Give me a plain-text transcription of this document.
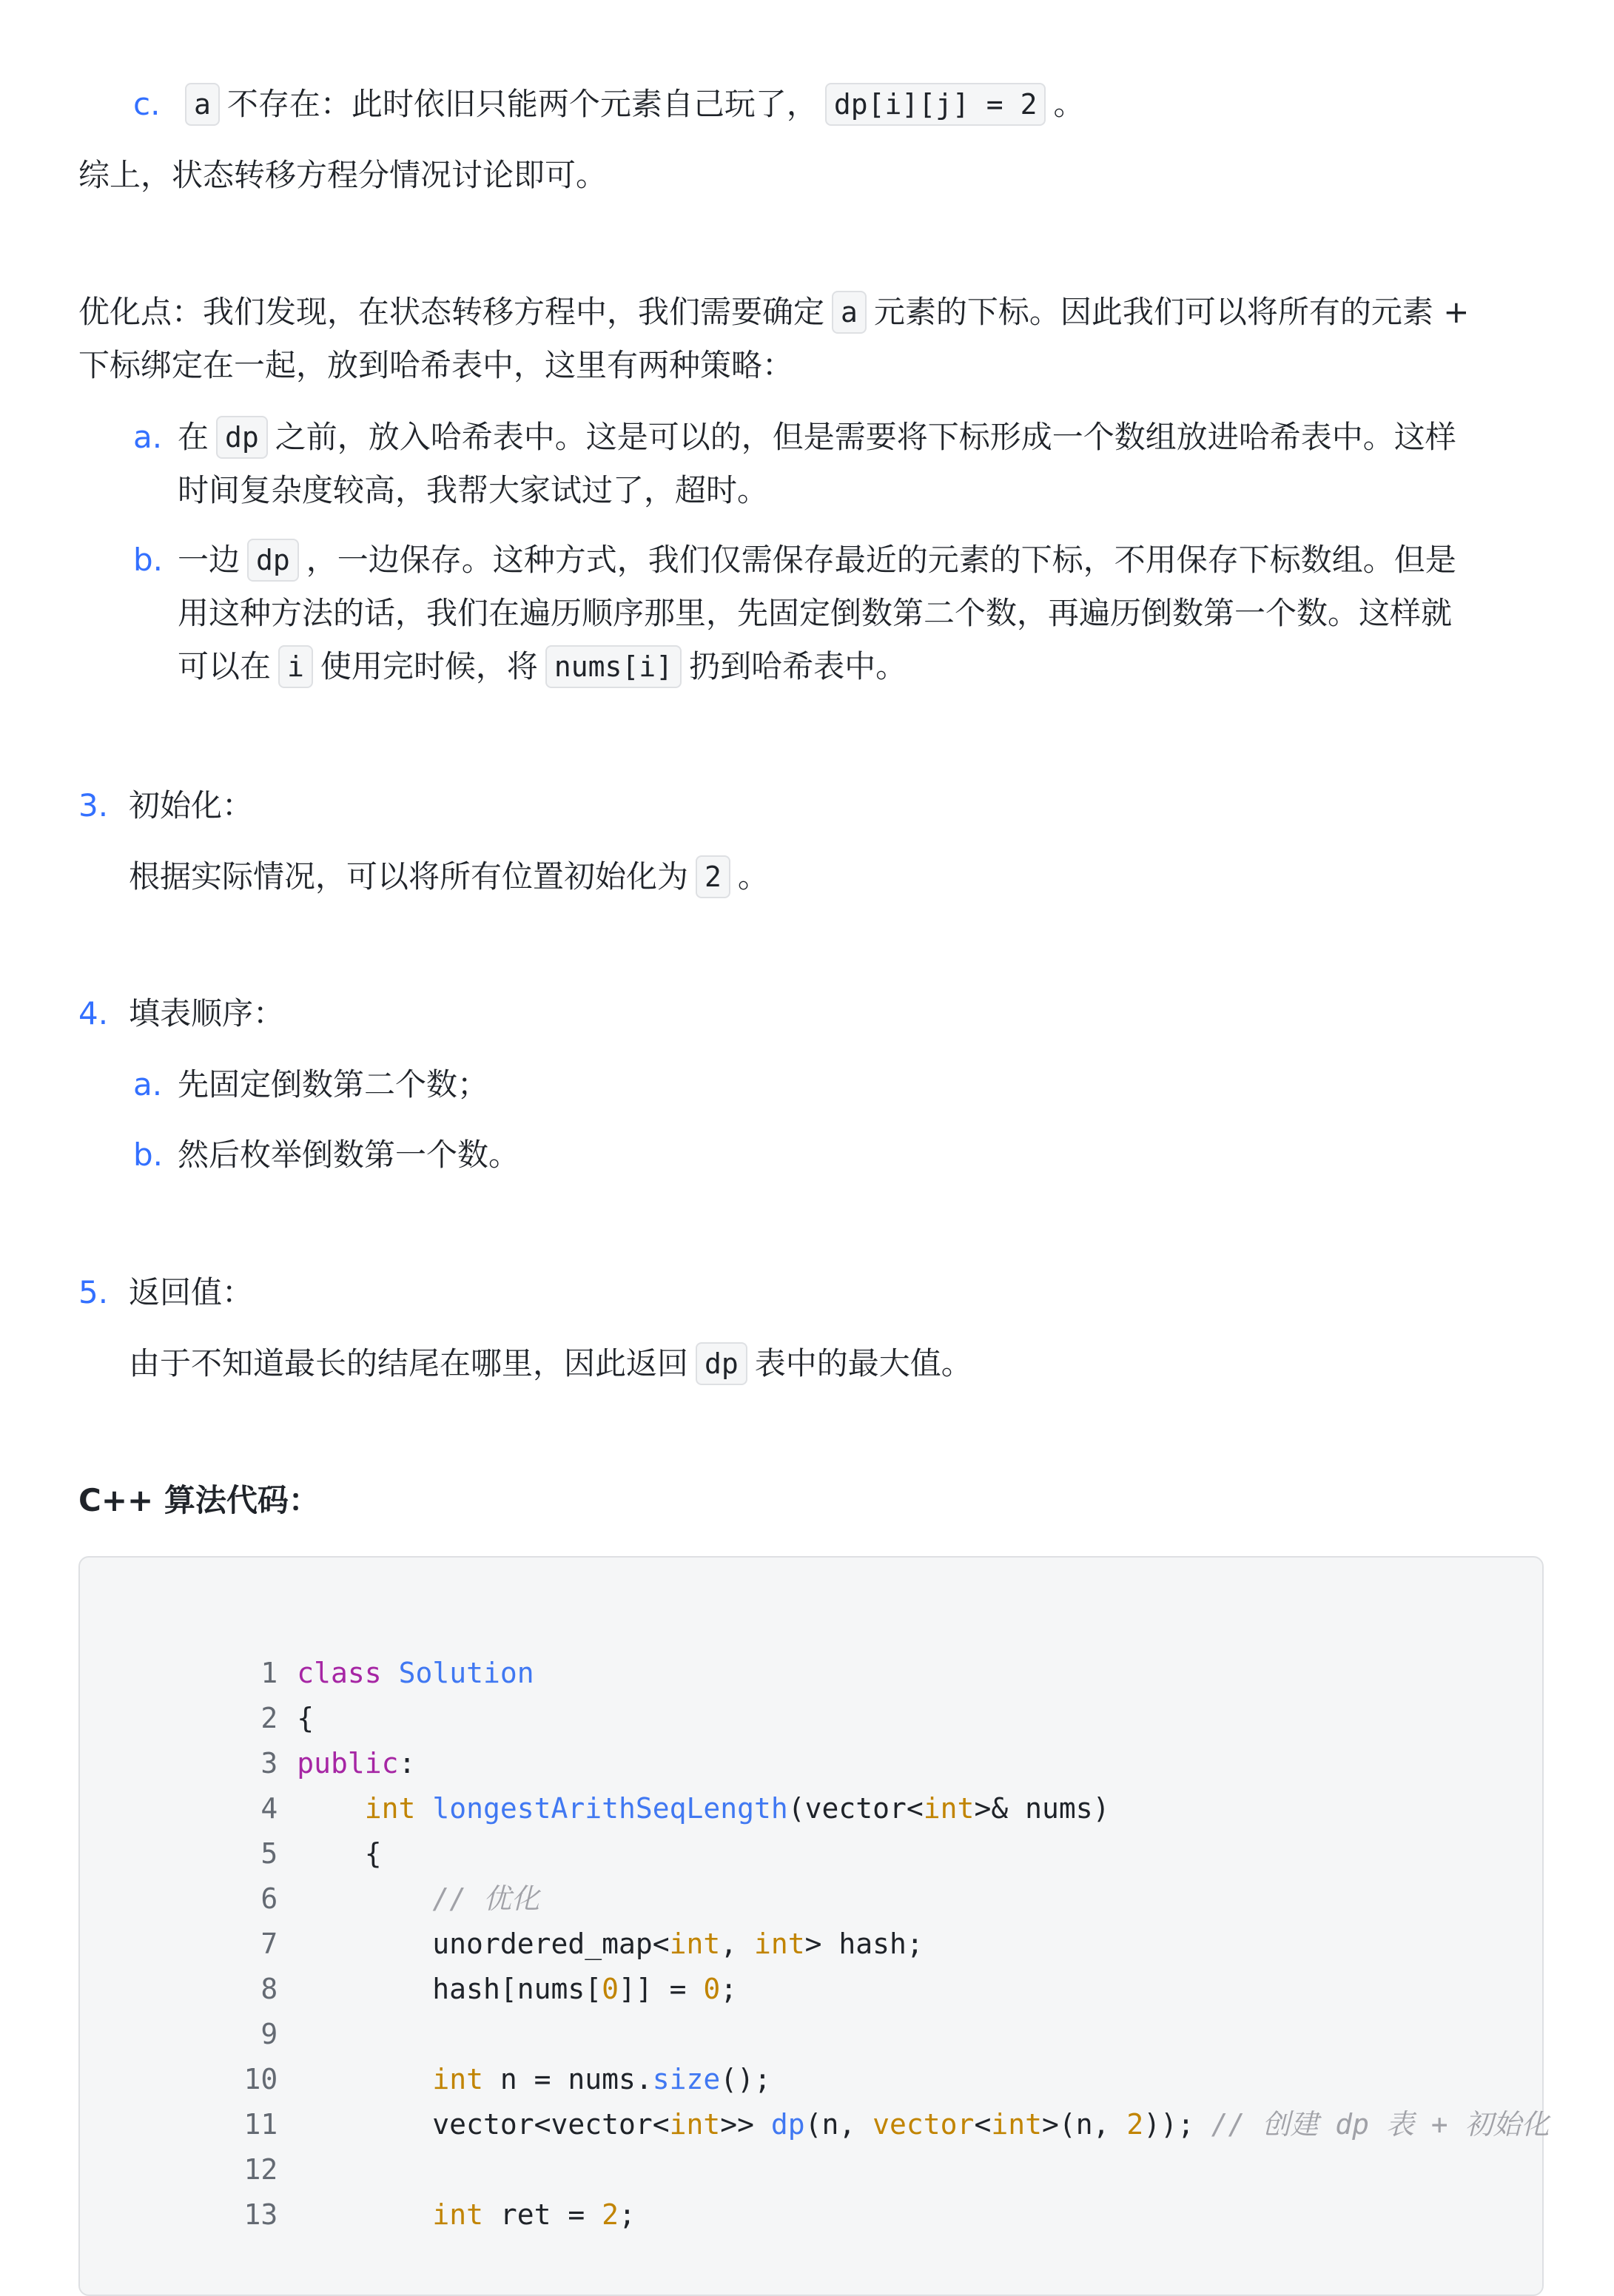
c.	a 不存在：此时依旧只能两个元素自己玩了， dp[i][j] = 2 。
综上，状态转移方程分情况讨论即可。
优化点：我们发现，在状态转移方程中，我们需要确定 a 元素的下标。因此我们可以将所有的元素 +
下标绑定在一起，放到哈希表中，这里有两种策略：
a. 在 dp 之前，放入哈希表中。这是可以的，但是需要将下标形成一个数组放进哈希表中。这样
时间复杂度较高，我帮大家试过了，超时。
b. 一边 dp ，一边保存。这种方式，我们仅需保存最近的元素的下标，不用保存下标数组。但是
用这种方法的话，我们在遍历顺序那里，先固定倒数第二个数，再遍历倒数第一个数。这样就
可以在 i 使用完时候，将 nums[i] 扔到哈希表中。
3. 初始化：
根据实际情况，可以将所有位置初始化为 2 。
4. 填表顺序：
a. 先固定倒数第二个数；
b. 然后枚举倒数第一个数。
5. 返回值：
由于不知道最长的结尾在哪里，因此返回 dp 表中的最大值。
C++ 算法代码：

1 class Solution

2 {

3 public:

4	int longestArithSeqLength(vector<int>& nums)

5    {

6	// 优化

7        unordered_map<int, int> hash;

8        hash[nums[0]] = 0;

9

10	int n = nums.size();

11        vector<vector<int>> dp(n, vector<int>(n, 2)); // 创建 dp 表 + 初始化

12

13	int ret = 2;
